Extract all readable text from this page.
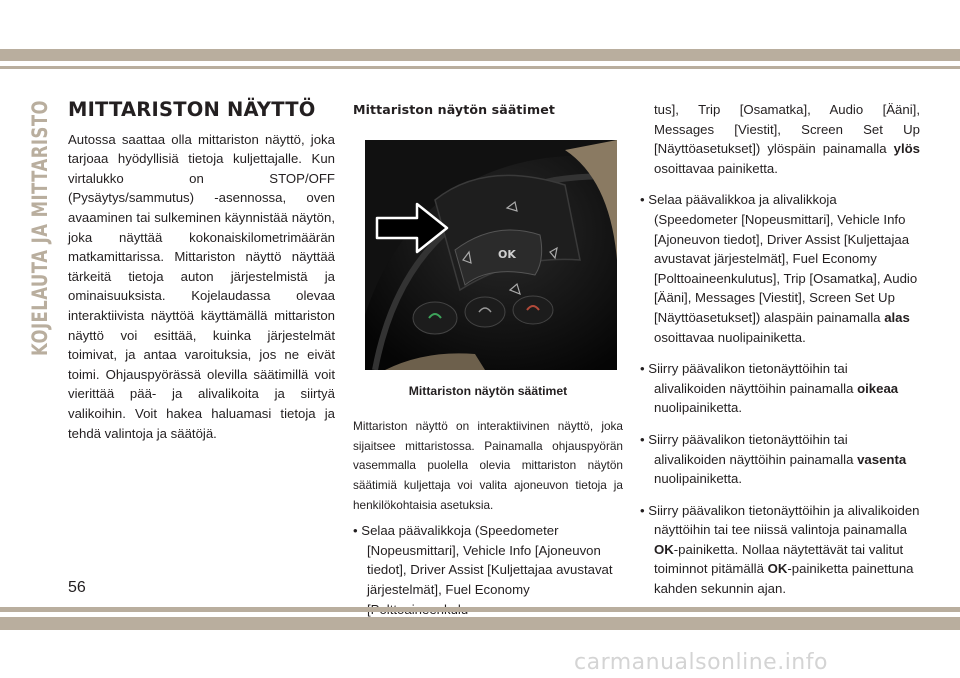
KOJELAUTA JA MITTARISTO MITTARISTON NÄYTTÖ

Autossa saattaa olla mittariston näyttö, joka tarjoaa hyödyllisiä tietoja kuljettajalle. Kun virtalukko on STOP/OFF (Pysäytys/sammutus) -asennossa, oven avaaminen tai sulkeminen käynnistää näytön, joka näyttää kokonaiskilometrimäärän matkamittarissa. Mittariston näyttö näyttää tärkeitä tietoja auton järjestelmistä ja ominaisuuksista. Kojelaudassa olevaa interaktiivista näyttöä käyttämällä mittariston näyttö voi esittää, kuinka järjestelmät toimivat, ja antaa varoituksia, jos ne eivät toimi. Ohjauspyörässä olevilla säätimillä voit vierittää pää- ja alivalikoita ja siirtyä valikoihin. Voit hakea haluamasi tietoja ja tehdä valintoja ja säätöjä.

Mittariston näytön säätimet
OK
Mittariston näytön säätimet

Mittariston näyttö on interaktiivinen näyttö, joka sijaitsee mittaristossa. Painamalla ohjauspyörän vasemmalla puolella olevia mittariston näytön säätimiä kuljettaja voi valita ajoneuvon tietoja ja henkilökohtaisia asetuksia.

• Selaa päävalikkoja (Speedometer [Nopeusmittari], Vehicle Info [Ajoneuvon tiedot], Driver Assist [Kuljettajaa avustavat järjestelmät], Fuel Economy

tus], Trip [Osamatka], Audio [Ääni], Messages [Viestit], Screen Set Up [Näyttöasetukset]) ylöspäin painamalla ylös osoittavaa painiketta.

• Selaa päävalikkoa ja alivalikkoja (Speedometer [Nopeusmittari], Vehicle Info [Ajoneuvon tiedot], Driver Assist [Kuljettajaa avustavat järjestelmät], Fuel Economy [Polttoaineenkulutus], Trip [Osamatka], Audio [Ääni], Messages [Viestit], Screen Set Up [Näyttöasetukset]) alaspäin painamalla alas osoittavaa nuolipainiketta.

• Siirry päävalikon tietonäyttöihin tai alivalikoiden näyttöihin painamalla oikeaa nuolipainiketta.

• Siirry päävalikon tietonäyttöihin tai alivalikoiden näyttöihin painamalla vasenta nuolipainiketta.

• Siirry päävalikon tietonäyttöihin ja alivalikoiden näyttöihin tai tee niissä valintoja painamalla OK-painiketta. Nollaa näytettävät tai valitut toiminnot pitämällä OK-painiketta painettuna kahden sekunnin ajan.

56
carmanualsonline.info
